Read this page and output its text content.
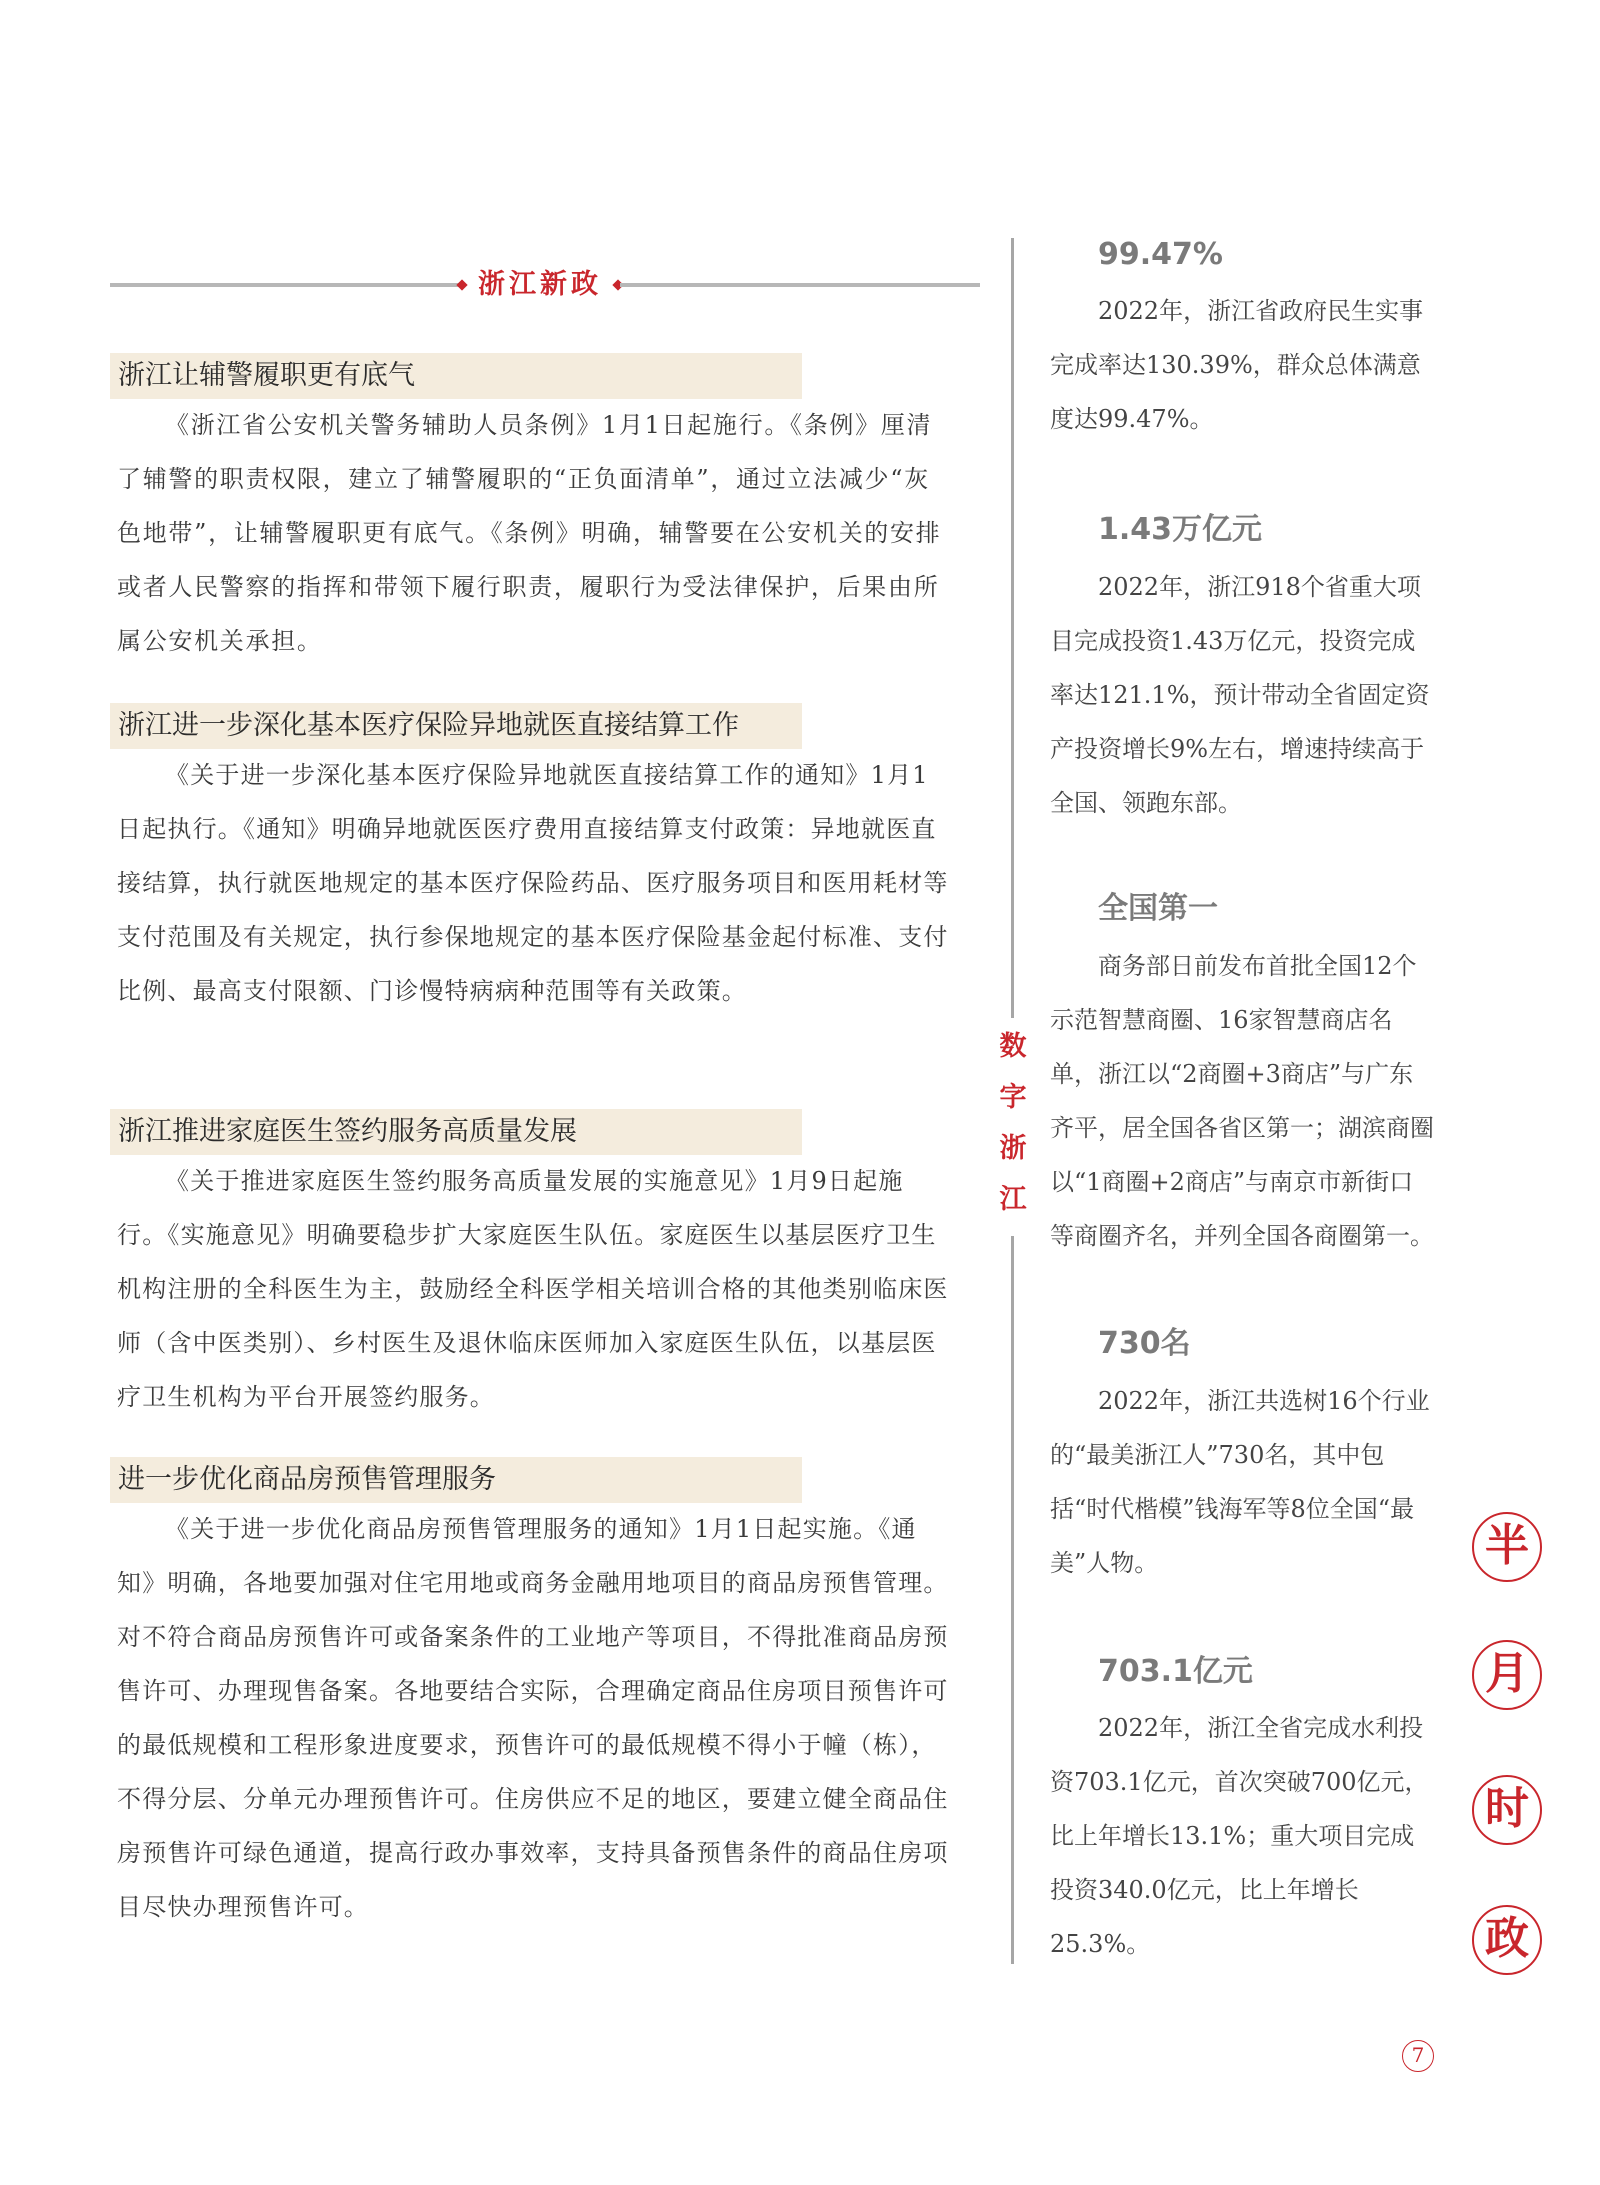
浙江新政
浙江让辅警履职更有底气

《浙江省公安机关警务辅助人员条例》1月1日起施行。《条例》厘清了辅警的职责权限，建立了辅警履职的“正负面清单”，通过立法减少“灰色地带”，让辅警履职更有底气。《条例》明确，辅警要在公安机关的安排或者人民警察的指挥和带领下履行职责，履职行为受法律保护，后果由所属公安机关承担。

浙江进一步深化基本医疗保险异地就医直接结算工作

《关于进一步深化基本医疗保险异地就医直接结算工作的通知》1月1日起执行。《通知》明确异地就医医疗费用直接结算支付政策：异地就医直接结算，执行就医地规定的基本医疗保险药品、医疗服务项目和医用耗材等支付范围及有关规定，执行参保地规定的基本医疗保险基金起付标准、支付比例、最高支付限额、门诊慢特病病种范围等有关政策。

浙江推进家庭医生签约服务高质量发展

《关于推进家庭医生签约服务高质量发展的实施意见》1月9日起施行。《实施意见》明确要稳步扩大家庭医生队伍。家庭医生以基层医疗卫生机构注册的全科医生为主，鼓励经全科医学相关培训合格的其他类别临床医师（含中医类别）、乡村医生及退休临床医师加入家庭医生队伍，以基层医疗卫生机构为平台开展签约服务。

进一步优化商品房预售管理服务

《关于进一步优化商品房预售管理服务的通知》1月1日起实施。《通知》明确，各地要加强对住宅用地或商务金融用地项目的商品房预售管理。对不符合商品房预售许可或备案条件的工业地产等项目，不得批准商品房预售许可、办理现售备案。各地要结合实际，合理确定商品住房项目预售许可的最低规模和工程形象进度要求，预售许可的最低规模不得小于幢（栋），不得分层、分单元办理预售许可。住房供应不足的地区，要建立健全商品住房预售许可绿色通道，提高行政办事效率，支持具备预售条件的商品住房项目尽快办理预售许可。

数
字
浙
江
99.47%

2022年，浙江省政府民生实事完成率达130.39%，群众总体满意度达99.47%。

1.43万亿元

2022年，浙江918个省重大项目完成投资1.43万亿元，投资完成率达121.1%，预计带动全省固定资产投资增长9%左右，增速持续高于全国、领跑东部。

全国第一

商务部日前发布首批全国12个示范智慧商圈、16家智慧商店名单，浙江以“2商圈+3商店”与广东齐平，居全国各省区第一；湖滨商圈以“1商圈+2商店”与南京市新街口等商圈齐名，并列全国各商圈第一。

730名

2022年，浙江共选树16个行业的“最美浙江人”730名，其中包括“时代楷模”钱海军等8位全国“最美”人物。

703.1亿元

2022年，浙江全省完成水利投资703.1亿元，首次突破700亿元，比上年增长13.1%；重大项目完成投资340.0亿元，比上年增长25.3%。

半
月
时
政
7
